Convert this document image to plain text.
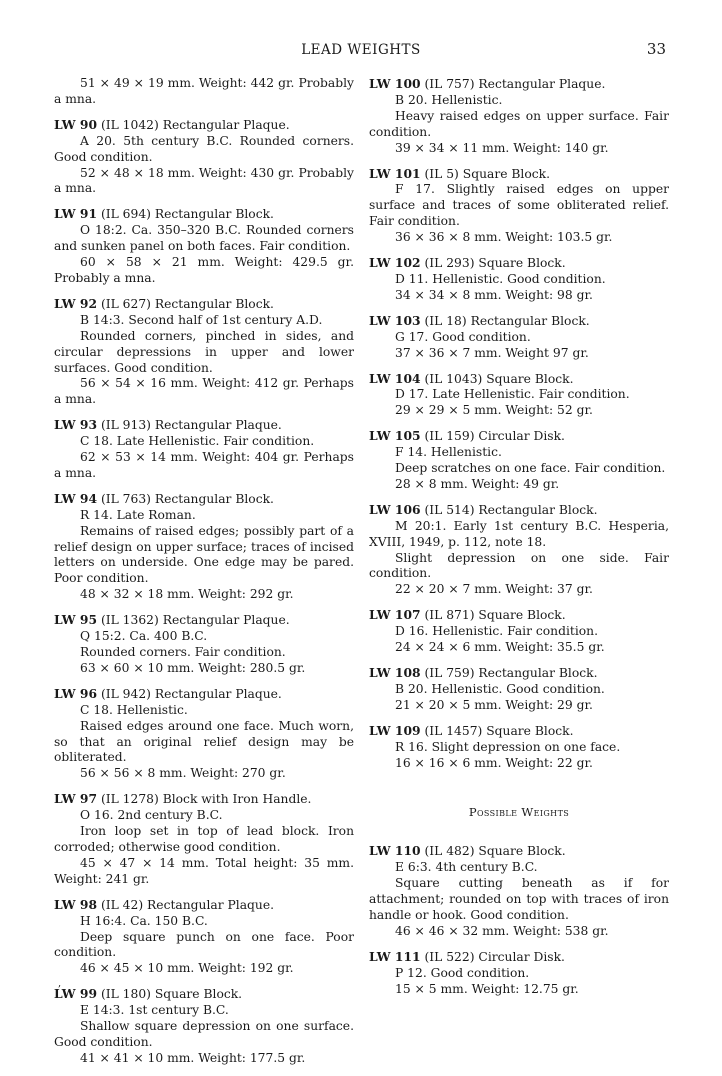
LEAD WEIGHTS	33

51 × 49 × 19 mm. Weight: 442 gr. Probably a mna.

LW 90 (IL 1042) Rectangular Plaque.

A 20. 5th century B.C. Rounded corners. Good condition.

52 × 48 × 18 mm. Weight: 430 gr. Probably a mna.

LW 91 (IL 694) Rectangular Block.

O 18:2. Ca. 350–320 B.C. Rounded corners and sunken panel on both faces. Fair condition.

60 × 58 × 21 mm. Weight: 429.5 gr. Probably a mna.

LW 92 (IL 627) Rectangular Block.

B 14:3. Second half of 1st century A.D.

Rounded corners, pinched in sides, and circular depressions in upper and lower surfaces. Good condition.

56 × 54 × 16 mm. Weight: 412 gr. Perhaps a mna.

LW 93 (IL 913) Rectangular Plaque.

C 18. Late Hellenistic. Fair condition.

62 × 53 × 14 mm. Weight: 404 gr. Perhaps a mna.

LW 94 (IL 763) Rectangular Block.

R 14. Late Roman.

Remains of raised edges; possibly part of a relief design on upper surface; traces of incised letters on underside. One edge may be pared. Poor condition.

48 × 32 × 18 mm. Weight: 292 gr.

LW 95 (IL 1362) Rectangular Plaque.

Q 15:2. Ca. 400 B.C.

Rounded corners. Fair condition.

63 × 60 × 10 mm. Weight: 280.5 gr.

LW 96 (IL 942) Rectangular Plaque.

C 18. Hellenistic.

Raised edges around one face. Much worn, so that an original relief design may be obliterated.

56 × 56 × 8 mm. Weight: 270 gr.

LW 97 (IL 1278) Block with Iron Handle.

O 16. 2nd century B.C.

Iron loop set in top of lead block. Iron corroded; otherwise good condition.

45 × 47 × 14 mm. Total height: 35 mm. Weight: 241 gr.

LW 98 (IL 42) Rectangular Plaque.

H 16:4. Ca. 150 B.C.

Deep square punch on one face. Poor condition.

46 × 45 × 10 mm. Weight: 192 gr.

LW 99 (IL 180) Square Block.

E 14:3. 1st century B.C.

Shallow square depression on one surface. Good condition.

41 × 41 × 10 mm. Weight: 177.5 gr.

LW 100 (IL 757) Rectangular Plaque.

B 20. Hellenistic.

Heavy raised edges on upper surface. Fair condition.

39 × 34 × 11 mm. Weight: 140 gr.

LW 101 (IL 5) Square Block.

F 17. Slightly raised edges on upper surface and traces of some obliterated relief. Fair condition.

36 × 36 × 8 mm. Weight: 103.5 gr.

LW 102 (IL 293) Square Block.

D 11. Hellenistic. Good condition.

34 × 34 × 8 mm. Weight: 98 gr.

LW 103 (IL 18) Rectangular Block.

G 17. Good condition.

37 × 36 × 7 mm. Weight 97 gr.

LW 104 (IL 1043) Square Block.

D 17. Late Hellenistic. Fair condition.

29 × 29 × 5 mm. Weight: 52 gr.

LW 105 (IL 159) Circular Disk.

F 14. Hellenistic.

Deep scratches on one face. Fair condition.

28 × 8 mm. Weight: 49 gr.

LW 106 (IL 514) Rectangular Block.

M 20:1. Early 1st century B.C. Hesperia, XVIII, 1949, p. 112, note 18.

Slight depression on one side. Fair condition.

22 × 20 × 7 mm. Weight: 37 gr.

LW 107 (IL 871) Square Block.

D 16. Hellenistic. Fair condition.

24 × 24 × 6 mm. Weight: 35.5 gr.

LW 108 (IL 759) Rectangular Block.

B 20. Hellenistic. Good condition.

21 × 20 × 5 mm. Weight: 29 gr.

LW 109 (IL 1457) Square Block.

R 16. Slight depression on one face.

16 × 16 × 6 mm. Weight: 22 gr.

Possible Weights

LW 110 (IL 482) Square Block.

E 6:3. 4th century B.C.

Square cutting beneath as if for attachment; rounded on top with traces of iron handle or hook. Good condition.

46 × 46 × 32 mm. Weight: 538 gr.

LW 111 (IL 522) Circular Disk.

P 12. Good condition.

15 × 5 mm. Weight: 12.75 gr.

,
